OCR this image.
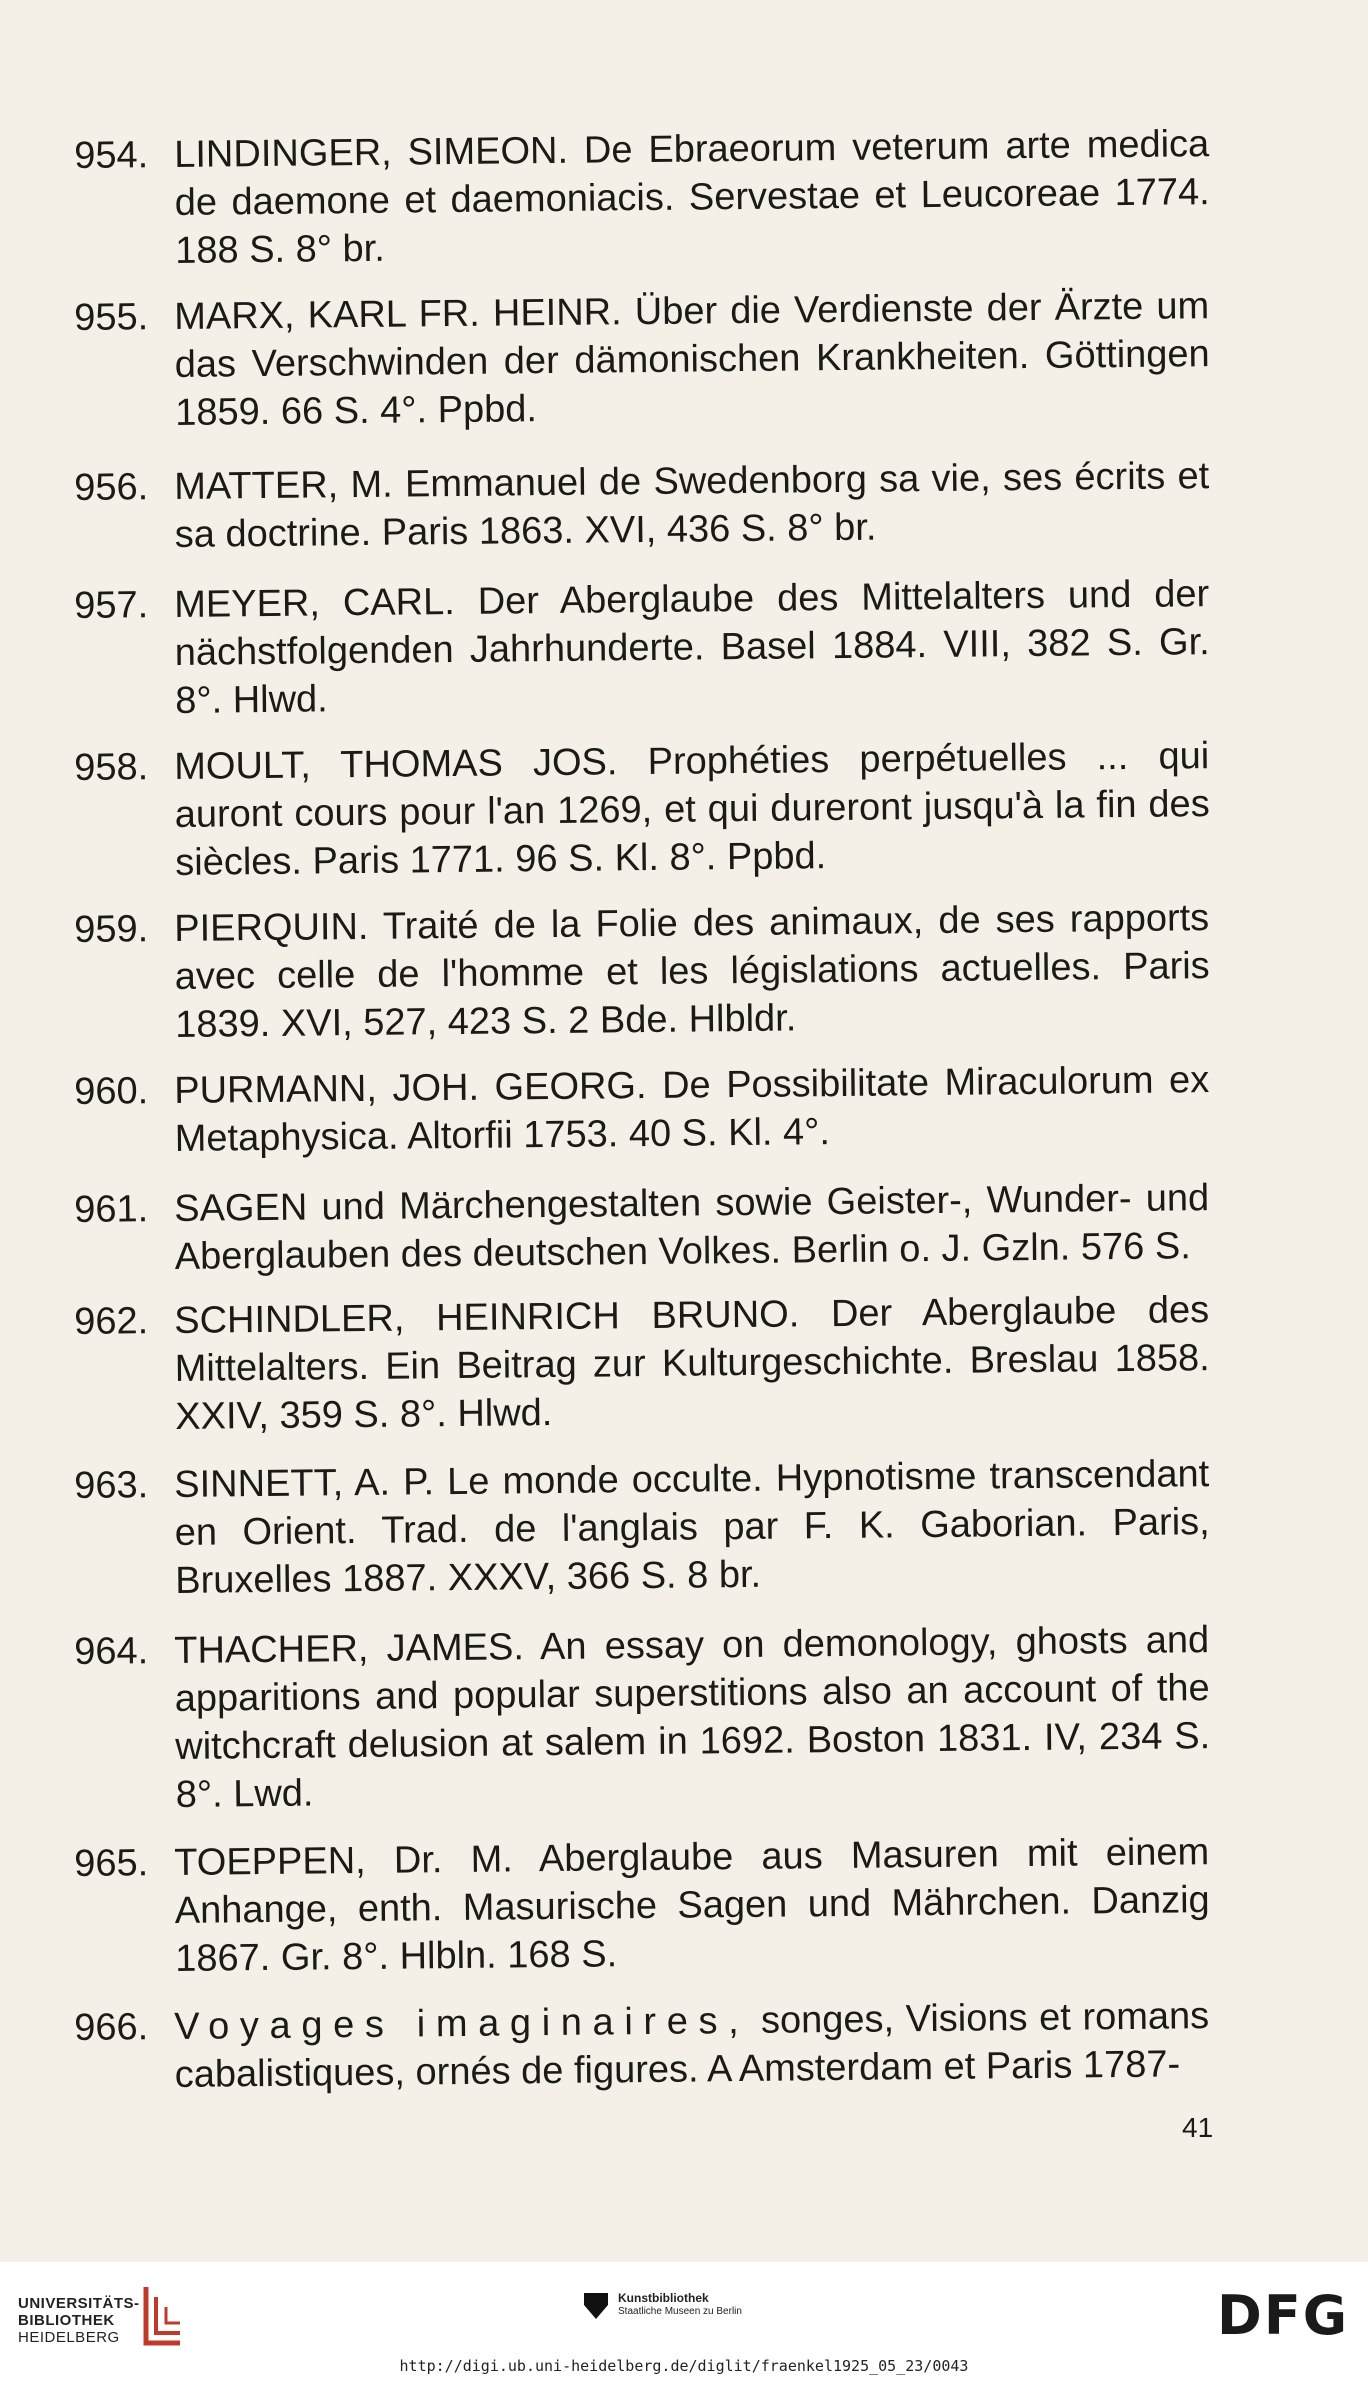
954. LINDINGER, SIMEON. De Ebraeorum veterum arte medica de daemone et daemoniacis. Servestae et Leucoreae 1774. 188 S. 8° br.
955. MARX, KARL FR. HEINR. Über die Verdienste der Ärzte um das Verschwinden der dämonischen Krankheiten. Göttingen 1859. 66 S. 4°. Ppbd.
956. MATTER, M. Emmanuel de Swedenborg sa vie, ses écrits et sa doctrine. Paris 1863. XVI, 436 S. 8° br.
957. MEYER, CARL. Der Aberglaube des Mittelalters und der nächstfolgenden Jahrhunderte. Basel 1884. VIII, 382 S. Gr. 8°. Hlwd.
958. MOULT, THOMAS JOS. Prophéties perpétuelles ... qui auront cours pour l'an 1269, et qui dureront jusqu'à la fin des siècles. Paris 1771. 96 S. Kl. 8°. Ppbd.
959. PIERQUIN. Traité de la Folie des animaux, de ses rapports avec celle de l'homme et les législations actuelles. Paris 1839. XVI, 527, 423 S. 2 Bde. Hlbldr.
960. PURMANN, JOH. GEORG. De Possibilitate Miraculorum ex Metaphysica. Altorfii 1753. 40 S. Kl. 4°.
961. SAGEN und Märchengestalten sowie Geister-, Wunder- und Aberglauben des deutschen Volkes. Berlin o. J. Gzln. 576 S.
962. SCHINDLER, HEINRICH BRUNO. Der Aberglaube des Mittelalters. Ein Beitrag zur Kulturgeschichte. Breslau 1858. XXIV, 359 S. 8°. Hlwd.
963. SINNETT, A. P. Le monde occulte. Hypnotisme transcendant en Orient. Trad. de l'anglais par F. K. Gaborian. Paris, Bruxelles 1887. XXXV, 366 S. 8 br.
964. THACHER, JAMES. An essay on demonology, ghosts and apparitions and popular superstitions also an account of the witchcraft delusion at salem in 1692. Boston 1831. IV, 234 S. 8°. Lwd.
965. TOEPPEN, Dr. M. Aberglaube aus Masuren mit einem Anhange, enth. Masurische Sagen und Mährchen. Danzig 1867. Gr. 8°. Hlbln. 168 S.
966. Voyages imaginaires, songes, Visions et romans cabalistiques, ornés de figures. A Amsterdam et Paris 1787-
41
UNIVERSITÄTS-
BIBLIOTHEK
HEIDELBERG
Kunstbibliothek
Staatliche Museen zu Berlin	DFG
http://digi.ub.uni-heidelberg.de/diglit/fraenkel1925_05_23/0043
